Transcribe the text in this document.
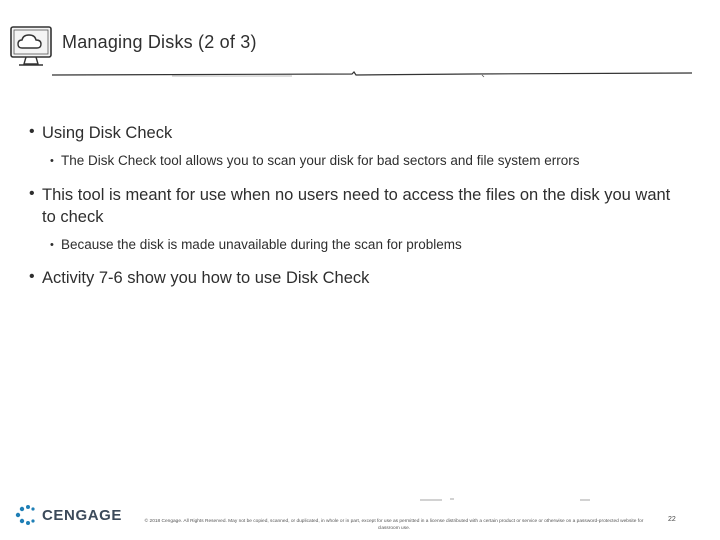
Managing Disks (2 of 3)

• Using Disk Check

• The Disk Check tool allows you to scan your disk for bad sectors and file system errors

• This tool is meant for use when no users need to access the files on the disk you want to check

• Because the disk is made unavailable during the scan for problems

• Activity 7-6 show you how to use Disk Check

CENGAGE	© 2018 Cengage. All Rights Reserved. May not be copied, scanned, or duplicated, in whole or in part, except for use as permitted in a license distributed with a certain product or service or otherwise on a password-protected website for classroom use.
22
